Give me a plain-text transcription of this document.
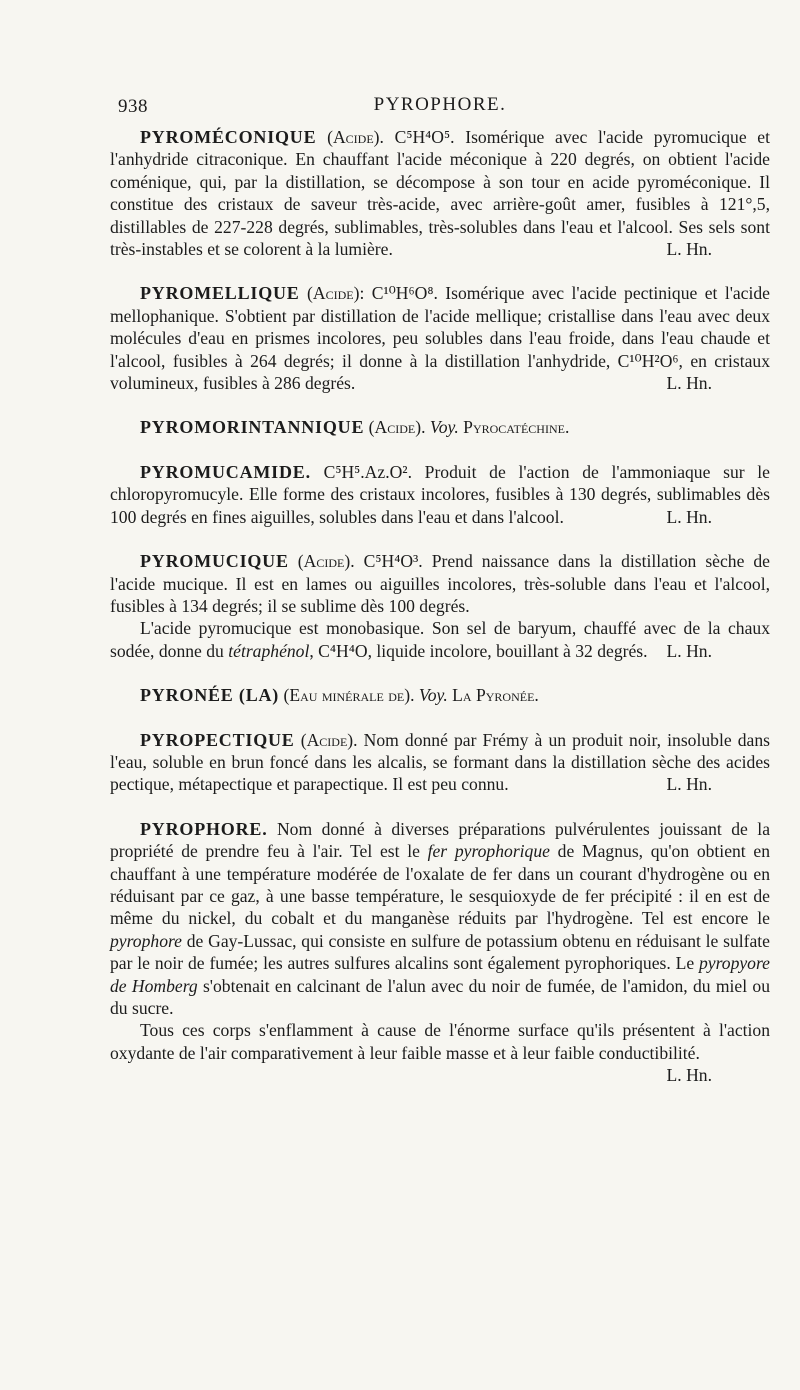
938	PYROPHORE.

PYROMÉCONIQUE (Acide). C⁵H⁴O⁵. Isomérique avec l'acide pyromucique et l'anhydride citraconique. En chauffant l'acide méconique à 220 degrés, on obtient l'acide coménique, qui, par la distillation, se décompose à son tour en acide pyroméconique. Il constitue des cristaux de saveur très-acide, avec arrière-goût amer, fusibles à 121°,5, distillables de 227-228 degrés, sublimables, très-solubles dans l'eau et l'alcool. Ses sels sont très-instables et se colorent à la lumière.	L. Hn.

PYROMELLIQUE (Acide): C¹⁰H⁶O⁸. Isomérique avec l'acide pectinique et l'acide mellophanique. S'obtient par distillation de l'acide mellique; cristallise dans l'eau avec deux molécules d'eau en prismes incolores, peu solubles dans l'eau froide, dans l'eau chaude et l'alcool, fusibles à 264 degrés; il donne à la distillation l'anhydride, C¹⁰H²O⁶, en cristaux volumineux, fusibles à 286 degrés.	L. Hn.

PYROMORINTANNIQUE (Acide). Voy. Pyrocatéchine.

PYROMUCAMIDE. C⁵H⁵.Az.O². Produit de l'action de l'ammoniaque sur le chloropyromucyle. Elle forme des cristaux incolores, fusibles à 130 degrés, sublimables dès 100 degrés en fines aiguilles, solubles dans l'eau et dans l'alcool.	L. Hn.

PYROMUCIQUE (Acide). C⁵H⁴O³. Prend naissance dans la distillation sèche de l'acide mucique. Il est en lames ou aiguilles incolores, très-soluble dans l'eau et l'alcool, fusibles à 134 degrés; il se sublime dès 100 degrés.

L'acide pyromucique est monobasique. Son sel de baryum, chauffé avec de la chaux sodée, donne du tétraphénol, C⁴H⁴O, liquide incolore, bouillant à 32 degrés. L. Hn.

PYRONÉE (LA) (Eau minérale de). Voy. La Pyronée.

PYROPECTIQUE (Acide). Nom donné par Frémy à un produit noir, insoluble dans l'eau, soluble en brun foncé dans les alcalis, se formant dans la distillation sèche des acides pectique, métapectique et parapectique. Il est peu connu.	L. Hn.

PYROPHORE. Nom donné à diverses préparations pulvérulentes jouissant de la propriété de prendre feu à l'air. Tel est le fer pyrophorique de Magnus, qu'on obtient en chauffant à une température modérée de l'oxalate de fer dans un courant d'hydrogène ou en réduisant par ce gaz, à une basse température, le sesquioxyde de fer précipité : il en est de même du nickel, du cobalt et du manganèse réduits par l'hydrogène. Tel est encore le pyrophore de Gay-Lussac, qui consiste en sulfure de potassium obtenu en réduisant le sulfate par le noir de fumée; les autres sulfures alcalins sont également pyrophoriques. Le pyropyore de Homberg s'obtenait en calcinant de l'alun avec du noir de fumée, de l'amidon, du miel ou du sucre.

Tous ces corps s'enflamment à cause de l'énorme surface qu'ils présentent à l'action oxydante de l'air comparativement à leur faible masse et à leur faible conductibilité.
L. Hn.
